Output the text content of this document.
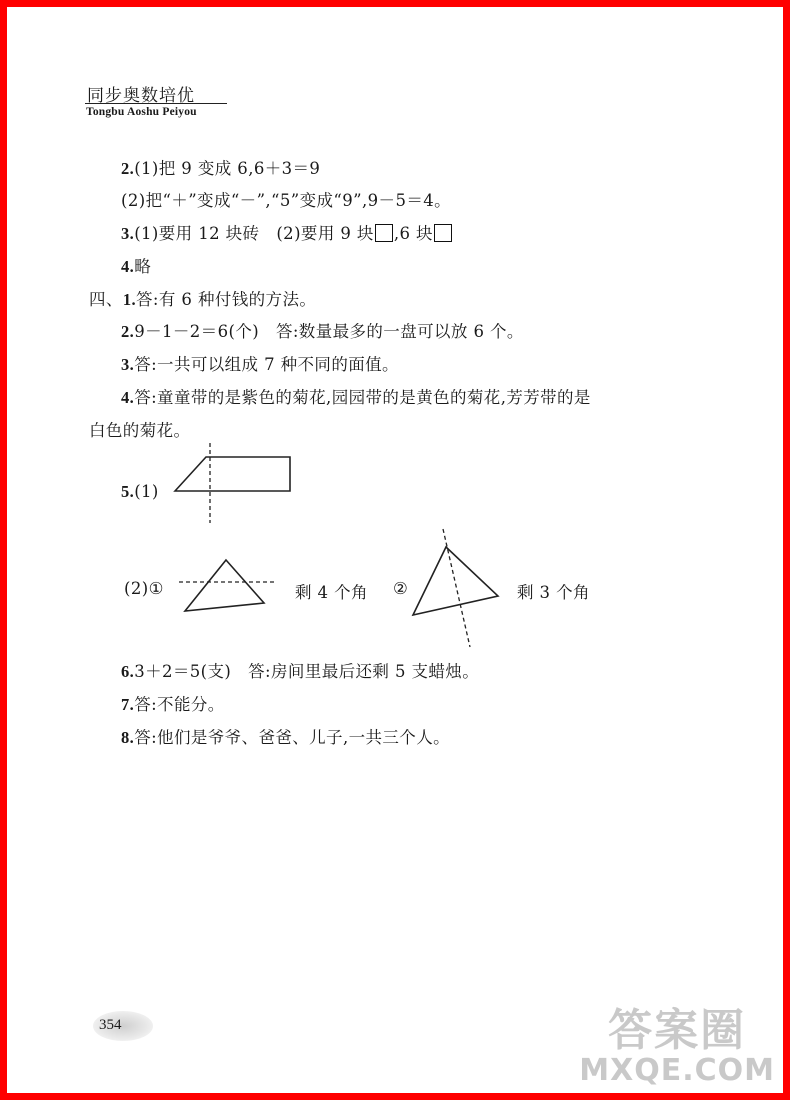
同步奥数培优
Tongbu Aoshu Peiyou
2.(1)把 9 变成 6,6＋3＝9
(2)把“＋”变成“－”,“5”变成“9”,9－5＝4。
3.(1)要用 12 块砖　(2)要用 9 块 ,6 块
4.略
四、1.答:有 6 种付钱的方法。
2.9－1－2＝6(个)　答:数量最多的一盘可以放 6 个。
3.答:一共可以组成 7 种不同的面值。
4.答:童童带的是紫色的菊花,园园带的是黄色的菊花,芳芳带的是
白色的菊花。
5.(1)
(2)①	剩 4 个角 ②	剩 3 个角
6.3＋2＝5(支)　答:房间里最后还剩 5 支蜡烛。
7.答:不能分。
8.答:他们是爷爷、爸爸、儿子,一共三个人。
354	答案圈
MXQE.COM
